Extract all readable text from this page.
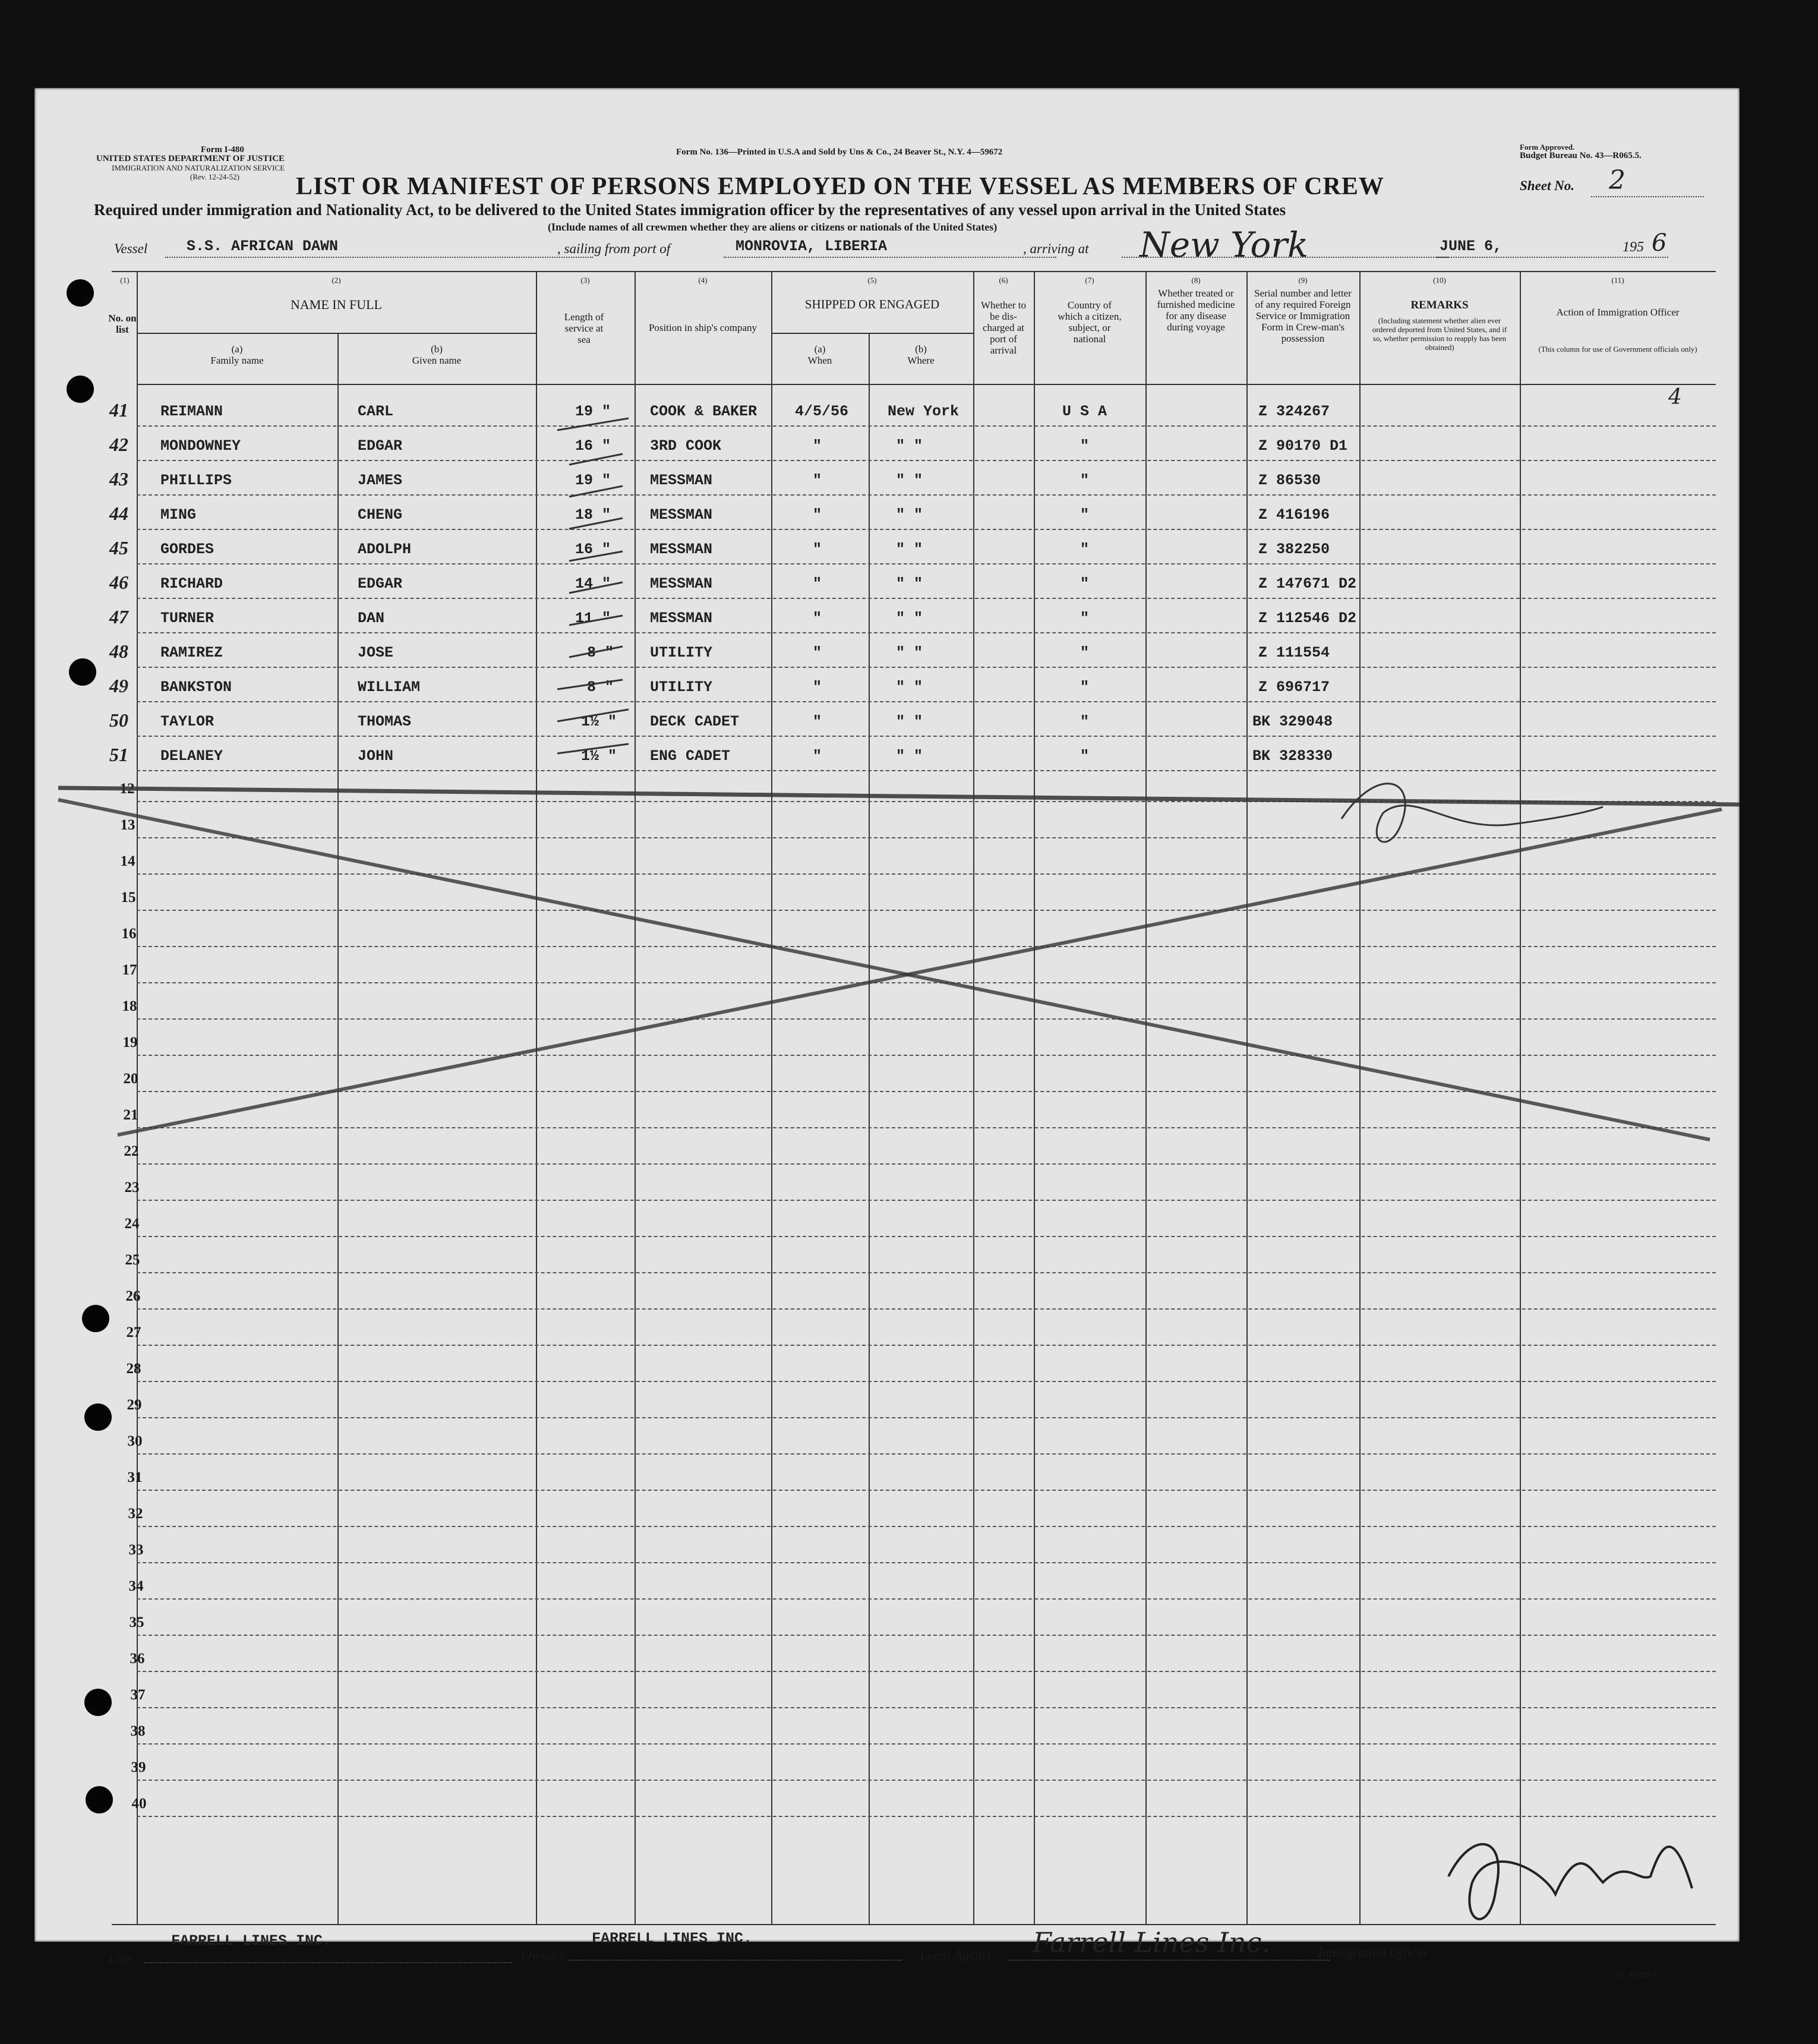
Form I-480
UNITED STATES DEPARTMENT OF JUSTICE
IMMIGRATION AND NATURALIZATION SERVICE
(Rev. 12-24-52)
Form No. 136—Printed in U.S.A and Sold by Uns & Co., 24 Beaver St., N.Y. 4—59672
Form Approved.
Budget Bureau No. 43—R065.5.
LIST OR MANIFEST OF PERSONS EMPLOYED ON THE VESSEL AS MEMBERS OF CREW	Sheet No. 2
Required under immigration and Nationality Act, to be delivered to the United States immigration officer by the representatives of any vessel upon arrival in the United States
(Include names of all crewmen whether they are aliens or citizens or nationals of the United States)
Vessel	S.S. AFRICAN DAWN	, sailing from port of	MONROVIA, LIBERIA	, arriving at New York	JUNE 6,	195 6
(1)
No. on list
(2)
NAME IN FULL
(a)
Family name
(b)
Given name
(3)
Length of service at sea
(4)
Position in ship's company
(5)
SHIPPED OR ENGAGED
(a)
When
(b)
Where
(6)
Whether to be dis-charged at port of arrival
(7)
Country of which a citizen, subject, or national
(8)
Whether treated or furnished medicine for any disease during voyage
(9)
Serial number and letter of any required Foreign Service or Immigration Form in Crew-man's possession
(10)
REMARKS
(Including statement whether alien ever ordered deported from United States, and if so, whether permission to reapply has been obtained)
(11)
Action of Immigration Officer
(This column for use of Government officials only)
41	REIMANN	CARL	19 "	COOK & BAKER	4/5/56	New York	U S A	Z 324267
42	MONDOWNEY	EDGAR	16 "	3RD COOK	"	" "	"	Z 90170 D1
43	PHILLIPS	JAMES	19 "	MESSMAN	"	" "	"	Z 86530
44	MING	CHENG	18 "	MESSMAN	"	" "	"	Z 416196
45	GORDES	ADOLPH	16 "	MESSMAN	"	" "	"	Z 382250
46	RICHARD	EDGAR	14 "	MESSMAN	"	" "	"	Z 147671 D2
47	TURNER	DAN	11 "	MESSMAN	"	" "	"	Z 112546 D2
48	RAMIREZ	JOSE	8 " UTILITY	"	" "	"	Z 111554
49	BANKSTON	WILLIAM	8 " UTILITY	"	" "	"	Z 696717
50	TAYLOR	THOMAS	1½ " DECK CADET	"	" "	"	BK 329048
51	DELANEY	JOHN	1½ " ENG CADET	"	" "	"	BK 328330
4
12
13
14
15
16
17
18
19
20
21
22
23
24
25
26
27
28
29
30
31
32
33
34
35
36
37
38
39
40
Line
FARRELL LINES INC.
Owners
FARRELL LINES INC.
Local Agents Farrell Lines Inc.	Immigration Officer
16—67829-1
